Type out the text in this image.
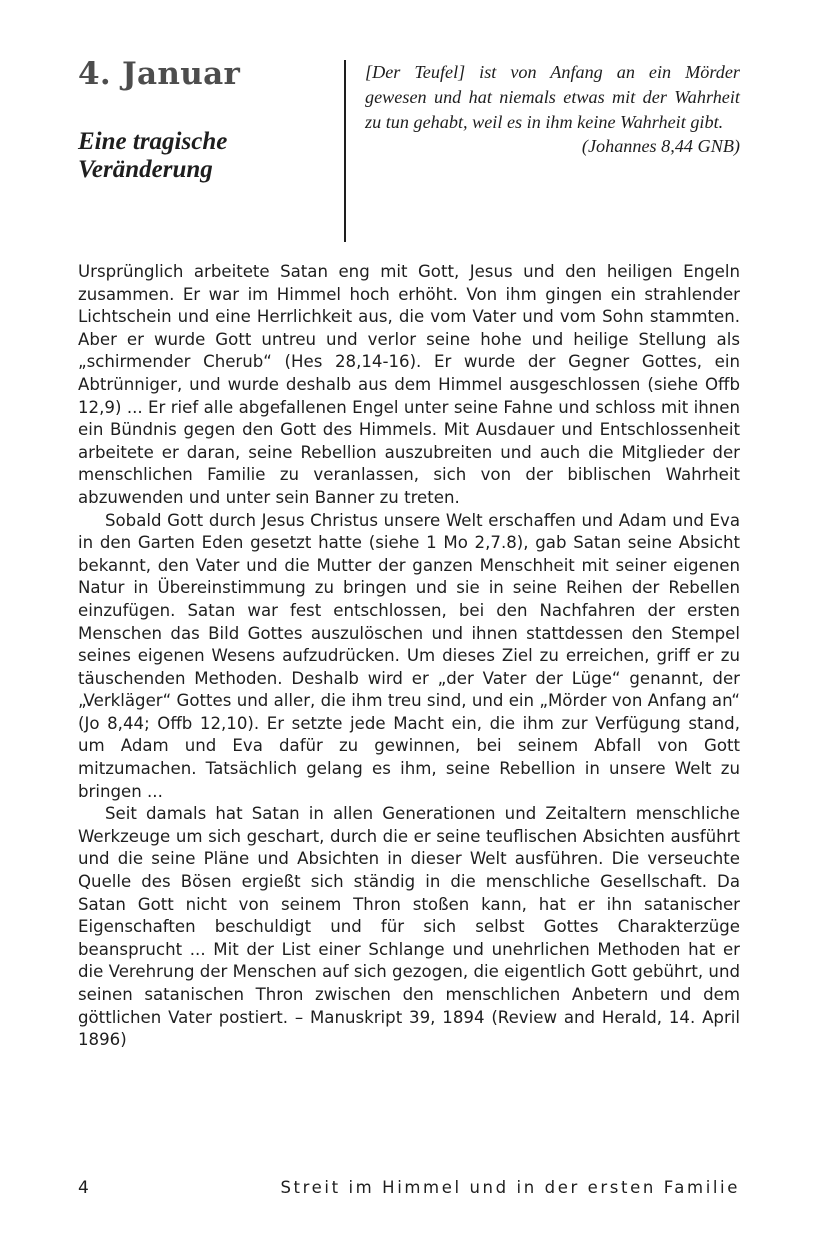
4. Januar
Eine tragische
Veränderung

[Der Teufel] ist von Anfang an ein Mörder gewesen und hat niemals etwas mit der Wahrheit zu tun gehabt, weil es in ihm keine Wahrheit gibt.
(Johannes 8,44 GNB)

Ursprünglich arbeitete Satan eng mit Gott, Jesus und den heiligen Engeln zusammen. Er war im Himmel hoch erhöht. Von ihm gingen ein strahlender Lichtschein und eine Herrlichkeit aus, die vom Vater und vom Sohn stammten. Aber er wurde Gott untreu und verlor seine hohe und heilige Stellung als „schirmender Cherub“ (Hes 28,14-16). Er wurde der Gegner Gottes, ein Abtrünniger, und wurde deshalb aus dem Himmel ausgeschlossen (siehe Offb 12,9) ... Er rief alle abgefallenen Engel unter seine Fahne und schloss mit ihnen ein Bündnis gegen den Gott des Himmels. Mit Ausdauer und Entschlossenheit arbeitete er daran, seine Rebellion auszubreiten und auch die Mitglieder der menschlichen Familie zu veranlassen, sich von der biblischen Wahrheit abzuwenden und unter sein Banner zu treten.

Sobald Gott durch Jesus Christus unsere Welt erschaffen und Adam und Eva in den Garten Eden gesetzt hatte (siehe 1 Mo 2,7.8), gab Satan seine Absicht bekannt, den Vater und die Mutter der ganzen Menschheit mit seiner eigenen Natur in Übereinstimmung zu bringen und sie in seine Reihen der Rebellen einzufügen. Satan war fest entschlossen, bei den Nachfahren der ersten Menschen das Bild Gottes auszulöschen und ihnen stattdessen den Stempel seines eigenen Wesens aufzudrücken. Um dieses Ziel zu erreichen, griff er zu täuschenden Methoden. Deshalb wird er „der Vater der Lüge“ genannt, der „Verkläger“ Gottes und aller, die ihm treu sind, und ein „Mörder von Anfang an“ (Jo 8,44; Offb 12,10). Er setzte jede Macht ein, die ihm zur Verfügung stand, um Adam und Eva dafür zu gewinnen, bei seinem Abfall von Gott mitzumachen. Tatsächlich gelang es ihm, seine Rebellion in unsere Welt zu bringen ...

Seit damals hat Satan in allen Generationen und Zeitaltern menschliche Werkzeuge um sich geschart, durch die er seine teuflischen Absichten ausführt und die seine Pläne und Absichten in dieser Welt ausführen. Die verseuchte Quelle des Bösen ergießt sich ständig in die menschliche Gesellschaft. Da Satan Gott nicht von seinem Thron stoßen kann, hat er ihn satanischer Eigenschaften beschuldigt und für sich selbst Gottes Charakterzüge beansprucht ... Mit der List einer Schlange und unehrlichen Methoden hat er die Verehrung der Menschen auf sich gezogen, die eigentlich Gott gebührt, und seinen satanischen Thron zwischen den menschlichen Anbetern und dem göttlichen Vater postiert. – Manuskript 39, 1894 (Review and Herald, 14. April 1896)

4	Streit im Himmel und in der ersten Familie
